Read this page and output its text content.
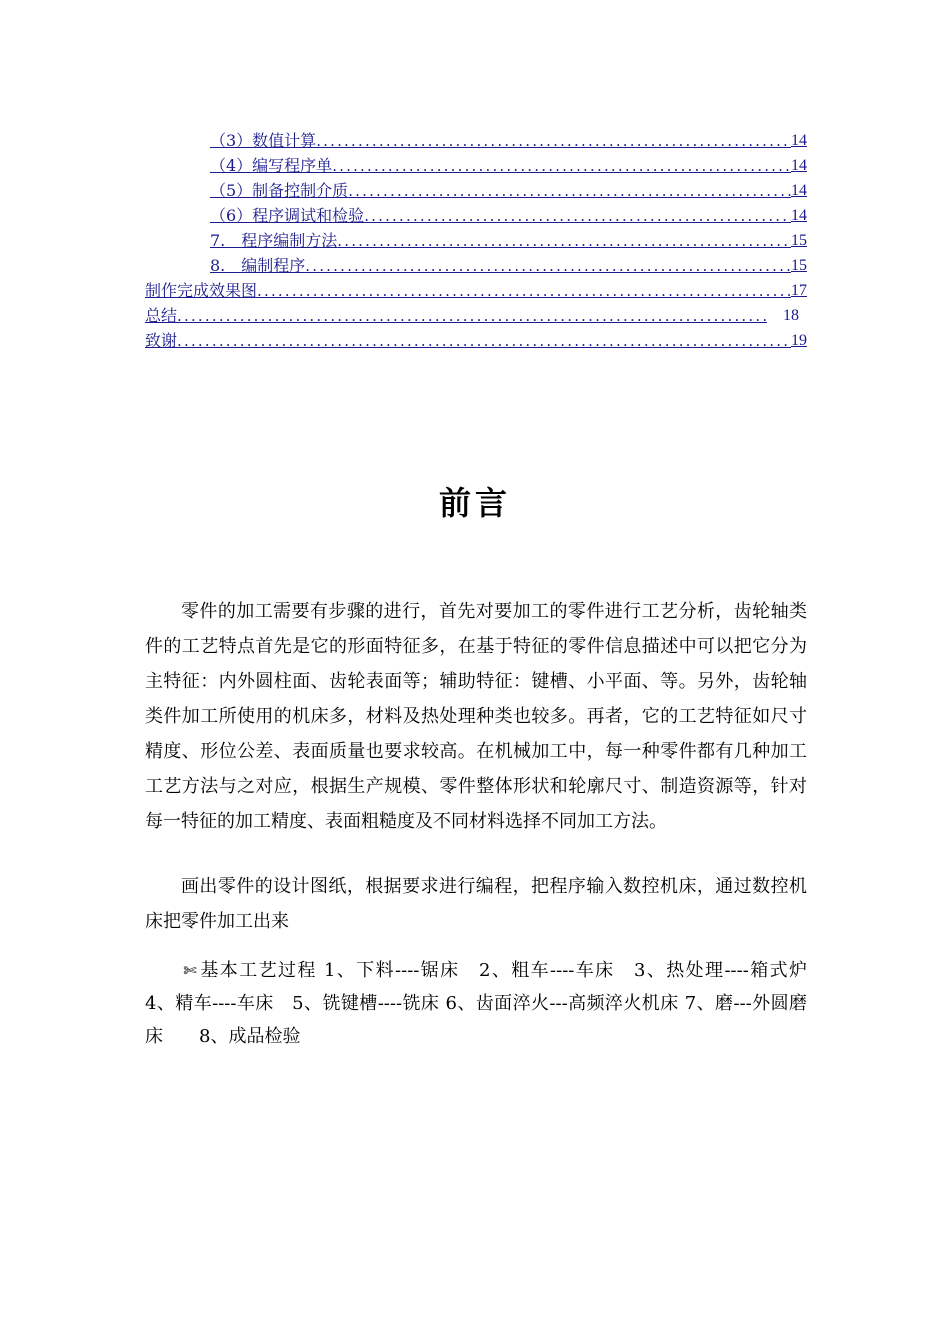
（3）数值计算 .....	14
（4）编写程序单 .....	14
（5）制备控制介质 .....	14
（6）程序调试和检验 .....	14
7.　程序编制方法 .....	15
8.　编制程序 .....	15
制作完成效果图 .....	17
总结 .....	18
致谢 .....	19
前言

零件的加工需要有步骤的进行，首先对要加工的零件进行工艺分析，齿轮轴类件的工艺特点首先是它的形面特征多，在基于特征的零件信息描述中可以把它分为主特征：内外圆柱面、齿轮表面等；辅助特征：键槽、小平面、等。另外，齿轮轴类件加工所使用的机床多，材料及热处理种类也较多。再者，它的工艺特征如尺寸精度、形位公差、表面质量也要求较高。在机械加工中，每一种零件都有几种加工工艺方法与之对应，根据生产规模、零件整体形状和轮廓尺寸、制造资源等，针对每一特征的加工精度、表面粗糙度及不同材料选择不同加工方法。

画出零件的设计图纸，根据要求进行编程，把程序输入数控机床，通过数控机床把零件加工出来

✄ 基本工艺过程 1、下料----锯床　2、粗车----车床　3、热处理----箱式炉　4、精车----车床　5、铣键槽----铣床 6、齿面淬火---高频淬火机床 7、磨---外圆磨床　　8、成品检验
